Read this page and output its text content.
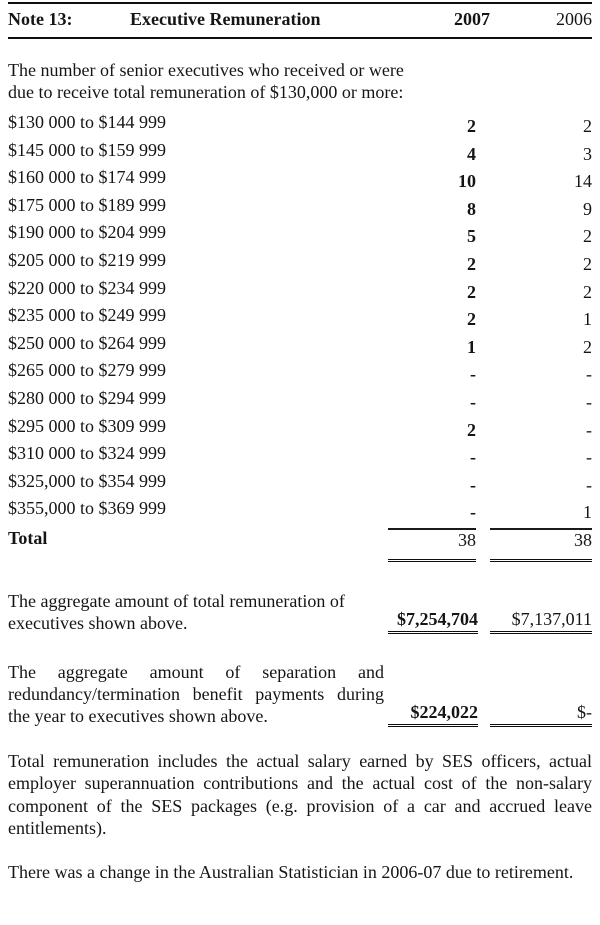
Note 13:	Executive Remuneration	2007	2006
The number of senior executives who received or were due to receive total remuneration of $130,000 or more:
$130 000 to $144 999	2	2
$145 000 to $159 999	4	3
$160 000 to $174 999	10	14
$175 000 to $189 999	8	9
$190 000 to $204 999	5	2
$205 000 to $219 999	2	2
$220 000 to $234 999	2	2
$235 000 to $249 999	2	1
$250 000 to $264 999	1	2
$265 000 to $279 999	-	-
$280 000 to $294 999	-	-
$295 000 to $309 999	2	-
$310 000 to $324 999	-	-
$325,000 to $354 999	-	-
$355,000 to $369 999	-	1
Total	38	38
The aggregate amount of total remuneration of executives shown above.	$7,254,704	$7,137,011
The aggregate amount of separation and redundancy/termination benefit payments during the year to executives shown above.	$224,022	$-
Total remuneration includes the actual salary earned by SES officers, actual employer superannuation contributions and the actual cost of the non-salary component of the SES packages (e.g. provision of a car and accrued leave entitlements).
There was a change in the Australian Statistician in 2006-07 due to retirement.
